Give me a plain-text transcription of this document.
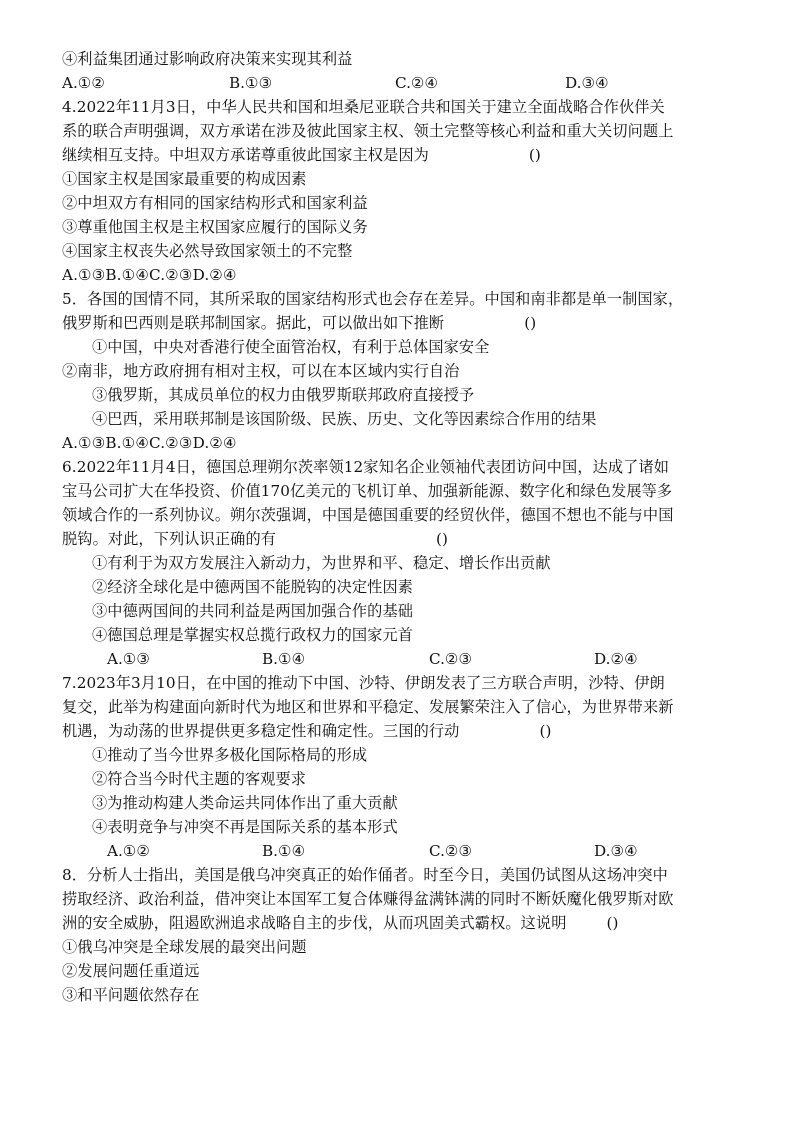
④利益集团通过影响政府决策来实现其利益
A.①②	B.①③	C.②④	D.③④
4.2022年11月3日，中华人民共和国和坦桑尼亚联合共和国关于建立全面战略合作伙伴关
系的联合声明强调，双方承诺在涉及彼此国家主权、领土完整等核心利益和重大关切问题上
继续相互支持。中坦双方承诺尊重彼此国家主权是因为	()
①国家主权是国家最重要的构成因素
②中坦双方有相同的国家结构形式和国家利益
③尊重他国主权是主权国家应履行的国际义务
④国家主权丧失必然导致国家领土的不完整
A.①③B.①④C.②③D.②④
5．各国的国情不同，其所采取的国家结构形式也会存在差异。中国和南非都是单一制国家，
俄罗斯和巴西则是联邦制国家。据此，可以做出如下推断	()
①中国，中央对香港行使全面管治权，有利于总体国家安全
②南非，地方政府拥有相对主权，可以在本区域内实行自治
③俄罗斯，其成员单位的权力由俄罗斯联邦政府直接授予
④巴西，采用联邦制是该国阶级、民族、历史、文化等因素综合作用的结果
A.①③B.①④C.②③D.②④
6.2022年11月4日，德国总理朔尔茨率领12家知名企业领袖代表团访问中国，达成了诸如
宝马公司扩大在华投资、价值170亿美元的飞机订单、加强新能源、数字化和绿色发展等多
领域合作的一系列协议。朔尔茨强调，中国是德国重要的经贸伙伴，德国不想也不能与中国
脱钩。对此，下列认识正确的有	()
①有利于为双方发展注入新动力，为世界和平、稳定、增长作出贡献
②经济全球化是中德两国不能脱钩的决定性因素
③中德两国间的共同利益是两国加强合作的基础
④德国总理是掌握实权总揽行政权力的国家元首
A.①③	B.①④	C.②③	D.②④
7.2023年3月10日，在中国的推动下中国、沙特、伊朗发表了三方联合声明，沙特、伊朗
复交，此举为构建面向新时代为地区和世界和平稳定、发展繁荣注入了信心，为世界带来新
机遇，为动荡的世界提供更多稳定性和确定性。三国的行动	()
①推动了当今世界多极化国际格局的形成
②符合当今时代主题的客观要求
③为推动构建人类命运共同体作出了重大贡献
④表明竞争与冲突不再是国际关系的基本形式
A.①②	B.①④	C.②③	D.③④
8．分析人士指出，美国是俄乌冲突真正的始作俑者。时至今日，美国仍试图从这场冲突中
捞取经济、政治利益，借冲突让本国军工复合体赚得盆满钵满的同时不断妖魔化俄罗斯对欧
洲的安全威胁，阻遏欧洲追求战略自主的步伐，从而巩固美式霸权。这说明	()
①俄乌冲突是全球发展的最突出问题
②发展问题任重道远
③和平问题依然存在
